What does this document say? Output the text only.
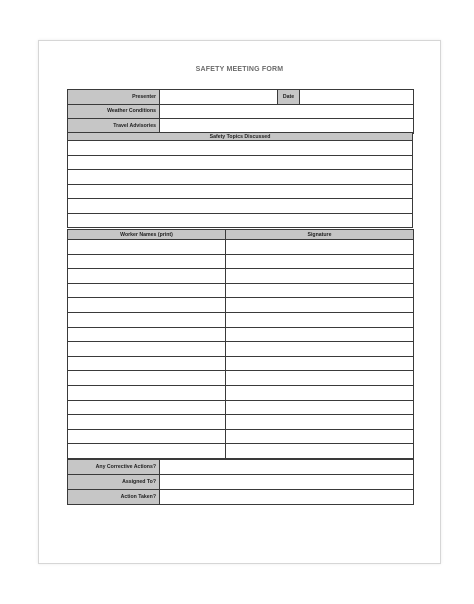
SAFETY MEETING FORM
Presenter		Date	
Weather Conditions			
Travel Advisories			
Safety Topics Discussed

Worker Names (print)	Signature

Any Corrective Actions?	
Assigned To?	
Action Taken?	
